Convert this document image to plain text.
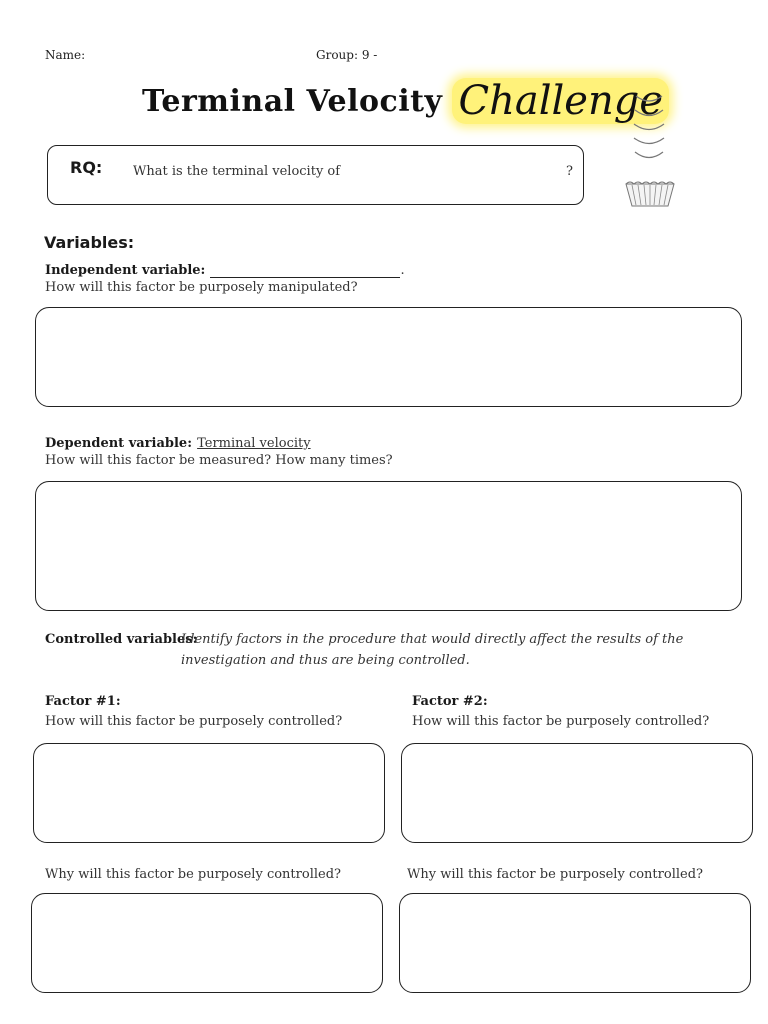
Name:	Group: 9 -
Terminal Velocity Challenge
RQ: What is the terminal velocity of	?
Variables:
Independent variable:	.
How will this factor be purposely manipulated?
Dependent variable: Terminal velocity
How will this factor be measured? How many times?
Controlled variables:
Identify factors in the procedure that would directly affect the results of the
investigation and thus are being controlled.
Factor #1:
How will this factor be purposely controlled?
Why will this factor be purposely controlled?
Factor #2:
How will this factor be purposely controlled?
Why will this factor be purposely controlled?
